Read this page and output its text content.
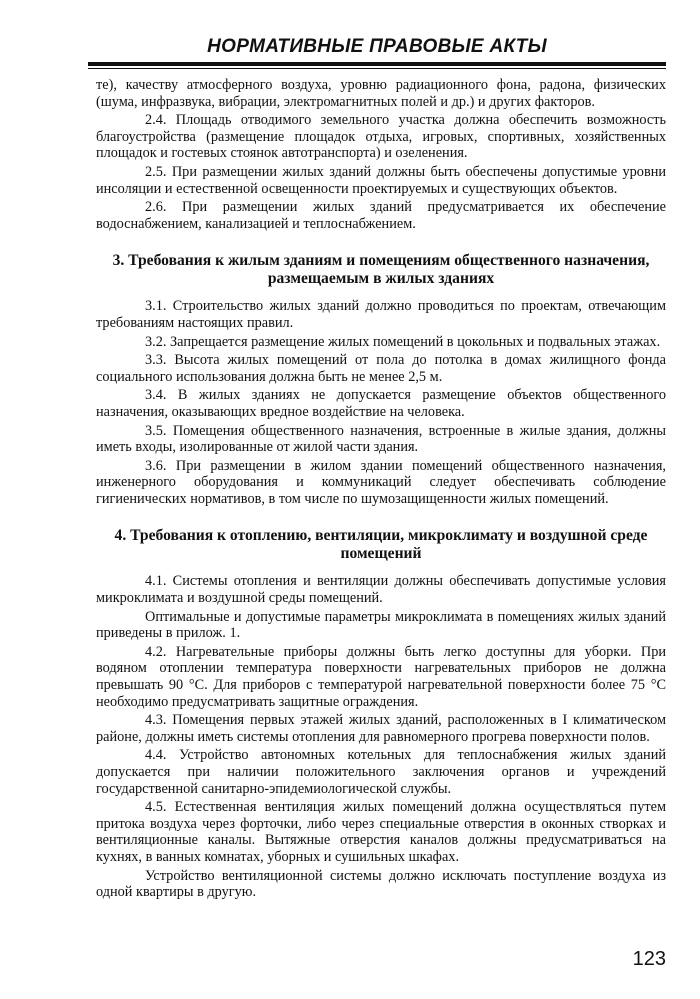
НОРМАТИВНЫЕ ПРАВОВЫЕ АКТЫ

те), качеству атмосферного воздуха, уровню радиационного фона, радона, физических (шума, инфразвука, вибрации, электромагнитных полей и др.) и других факторов.

2.4. Площадь отводимого земельного участка должна обеспечить возможность благоустройства (размещение площадок отдыха, игровых, спортивных, хозяйственных площадок и гостевых стоянок автотранспорта) и озеленения.

2.5. При размещении жилых зданий должны быть обеспечены допустимые уровни инсоляции и естественной освещенности проектируемых и существующих объектов.

2.6. При размещении жилых зданий предусматривается их обеспечение водоснабжением, канализацией и теплоснабжением.

3. Требования к жилым зданиям и помещениям общественного назначения, размещаемым в жилых зданиях

3.1. Строительство жилых зданий должно проводиться по проектам, отвечающим требованиям настоящих правил.

3.2. Запрещается размещение жилых помещений в цокольных и подвальных этажах.

3.3. Высота жилых помещений от пола до потолка в домах жилищного фонда социального использования должна быть не менее 2,5 м.

3.4. В жилых зданиях не допускается размещение объектов общественного назначения, оказывающих вредное воздействие на человека.

3.5. Помещения общественного назначения, встроенные в жилые здания, должны иметь входы, изолированные от жилой части здания.

3.6. При размещении в жилом здании помещений общественного назначения, инженерного оборудования и коммуникаций следует обеспечивать соблюдение гигиенических нормативов, в том числе по шумозащищенности жилых помещений.

4. Требования к отоплению, вентиляции, микроклимату и воздушной среде помещений

4.1. Системы отопления и вентиляции должны обеспечивать допустимые условия микроклимата и воздушной среды помещений.

Оптимальные и допустимые параметры микроклимата в помещениях жилых зданий приведены в прилож. 1.

4.2. Нагревательные приборы должны быть легко доступны для уборки. При водяном отоплении температура поверхности нагревательных приборов не должна превышать 90 °С. Для приборов с температурой нагревательной поверхности более 75 °С необходимо предусматривать защитные ограждения.

4.3. Помещения первых этажей жилых зданий, расположенных в I климатическом районе, должны иметь системы отопления для равномерного прогрева поверхности полов.

4.4. Устройство автономных котельных для теплоснабжения жилых зданий допускается при наличии положительного заключения органов и учреждений государственной санитарно-эпидемиологической службы.

4.5. Естественная вентиляция жилых помещений должна осуществляться путем притока воздуха через форточки, либо через специальные отверстия в оконных створках и вентиляционные каналы. Вытяжные отверстия каналов должны предусматриваться на кухнях, в ванных комнатах, уборных и сушильных шкафах.

Устройство вентиляционной системы должно исключать поступление воздуха из одной квартиры в другую.

123
